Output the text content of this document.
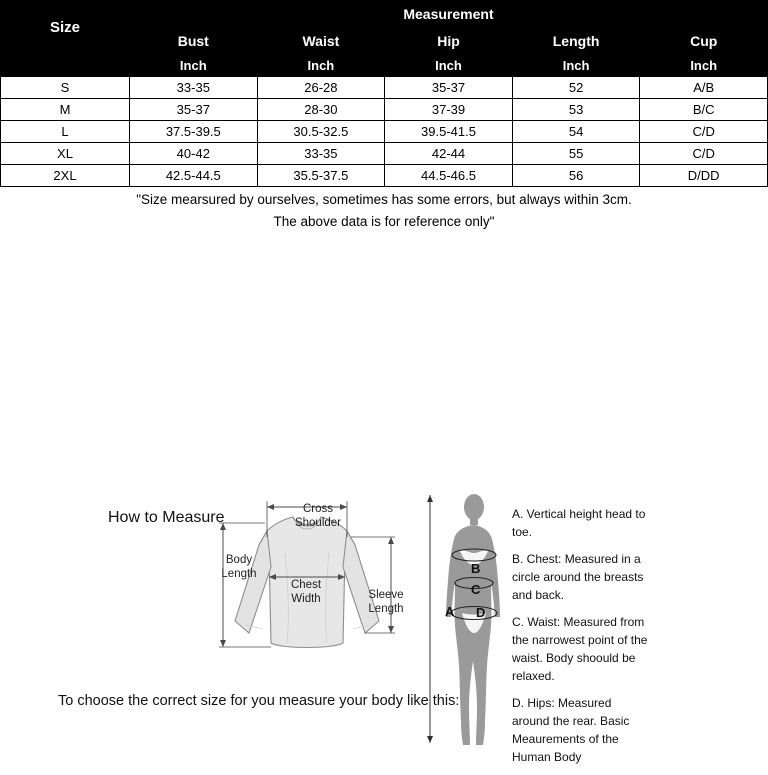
Size	Measurement				
	Bust	Waist	Hip	Length	Cup
	Inch	Inch	Inch	Inch	Inch
S	33-35	26-28	35-37	52	A/B
M	35-37	28-30	37-39	53	B/C
L	37.5-39.5	30.5-32.5	39.5-41.5	54	C/D
XL	40-42	33-35	42-44	55	C/D
2XL	42.5-44.5	35.5-37.5	44.5-46.5	56	D/DD
"Size mearsured by ourselves, sometimes has some errors, but always within 3cm.
The above data is for reference only"
How to Measure
To choose the correct size for you measure your body like this:
Cross
Shoulder
Body
Length
Chest
Width	Sleeve
Length	A
B
C
D

A. Vertical height head to toe.

B. Chest: Measured in a circle around the breasts and back.

C. Waist: Measured from the narrowest point of the waist. Body shoould be relaxed.

D. Hips: Measured around the rear. Basic Meaurements of the Human Body
